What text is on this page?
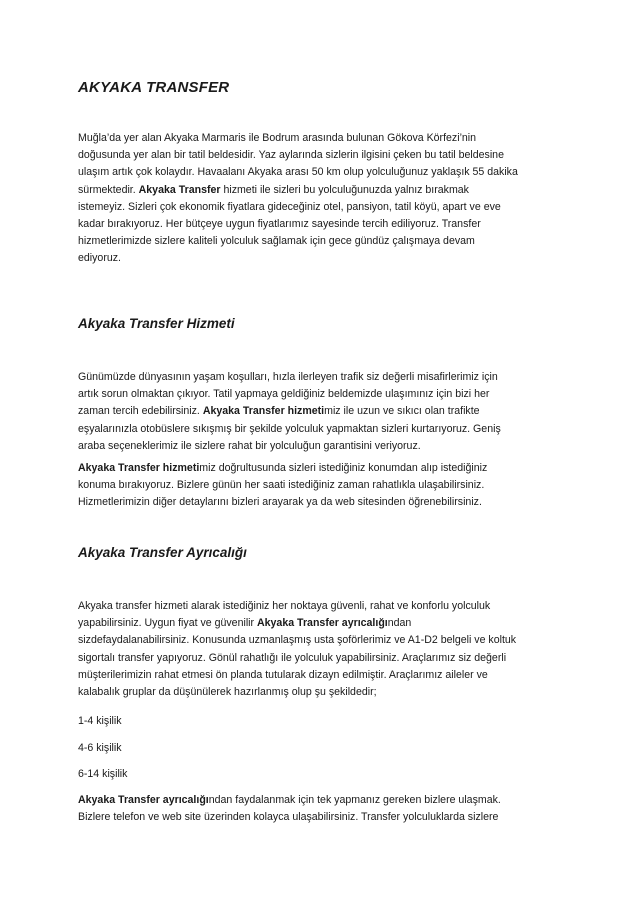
AKYAKA TRANSFER

Muğla’da yer alan Akyaka Marmaris ile Bodrum arasında bulunan Gökova Körfezi’nin
doğusunda yer alan bir tatil beldesidir. Yaz aylarında sizlerin ilgisini çeken bu tatil beldesine
ulaşım artık çok kolaydır. Havaalanı Akyaka arası 50 km olup yolculuğunuz yaklaşık 55 dakika
sürmektedir. Akyaka Transfer hizmeti ile sizleri bu yolculuğunuzda yalnız bırakmak
istemeyiz. Sizleri çok ekonomik fiyatlara gideceğiniz otel, pansiyon, tatil köyü, apart ve eve
kadar bırakıyoruz. Her bütçeye uygun fiyatlarımız sayesinde tercih ediliyoruz. Transfer
hizmetlerimizde sizlere kaliteli yolculuk sağlamak için gece gündüz çalışmaya devam
ediyoruz.

Akyaka Transfer Hizmeti

Günümüzde dünyasının yaşam koşulları, hızla ilerleyen trafik siz değerli misafirlerimiz için
artık sorun olmaktan çıkıyor. Tatil yapmaya geldiğiniz beldemizde ulaşımınız için bizi her
zaman tercih edebilirsiniz. Akyaka Transfer hizmetimiz ile uzun ve sıkıcı olan trafikte
eşyalarınızla otobüslere sıkışmış bir şekilde yolculuk yapmaktan sizleri kurtarıyoruz. Geniş
araba seçeneklerimiz ile sizlere rahat bir yolculuğun garantisini veriyoruz.

Akyaka Transfer hizmetimiz doğrultusunda sizleri istediğiniz konumdan alıp istediğiniz
konuma bırakıyoruz. Bizlere günün her saati istediğiniz zaman rahatlıkla ulaşabilirsiniz.
Hizmetlerimizin diğer detaylarını bizleri arayarak ya da web sitesinden öğrenebilirsiniz.

Akyaka Transfer Ayrıcalığı

Akyaka transfer hizmeti alarak istediğiniz her noktaya güvenli, rahat ve konforlu yolculuk
yapabilirsiniz. Uygun fiyat ve güvenilir Akyaka Transfer ayrıcalığından
sizdefaydalanabilirsiniz. Konusunda uzmanlaşmış usta şoförlerimiz ve A1-D2 belgeli ve koltuk
sigortalı transfer yapıyoruz. Gönül rahatlığı ile yolculuk yapabilirsiniz. Araçlarımız siz değerli
müşterilerimizin rahat etmesi ön planda tutularak dizayn edilmiştir. Araçlarımız aileler ve
kalabalık gruplar da düşünülerek hazırlanmış olup şu şekildedir;

1-4 kişilik

4-6 kişilik

6-14 kişilik

Akyaka Transfer ayrıcalığından faydalanmak için tek yapmanız gereken bizlere ulaşmak.
Bizlere telefon ve web site üzerinden kolayca ulaşabilirsiniz. Transfer yolculuklarda sizlere
